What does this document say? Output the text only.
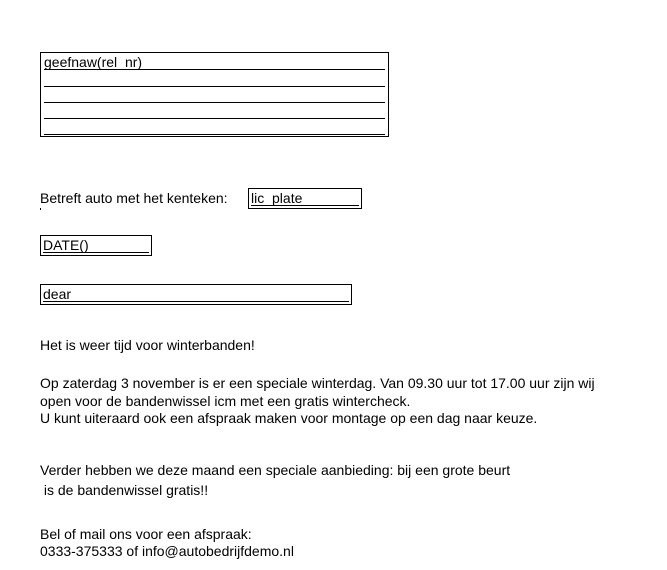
geefnaw(rel_nr)
Betreft auto met het kenteken: lic_plate
DATE()
dear
Het is weer tijd voor winterbanden!
Op zaterdag 3 november is er een speciale winterdag. Van 09.30 uur tot 17.00 uur zijn wij
open voor de bandenwissel icm met een gratis wintercheck.
U kunt uiteraard ook een afspraak maken voor montage op een dag naar keuze.
Verder hebben we deze maand een speciale aanbieding: bij een grote beurt
is de bandenwissel gratis!!
Bel of mail ons voor een afspraak:
0333-375333 of info@autobedrijfdemo.nl
